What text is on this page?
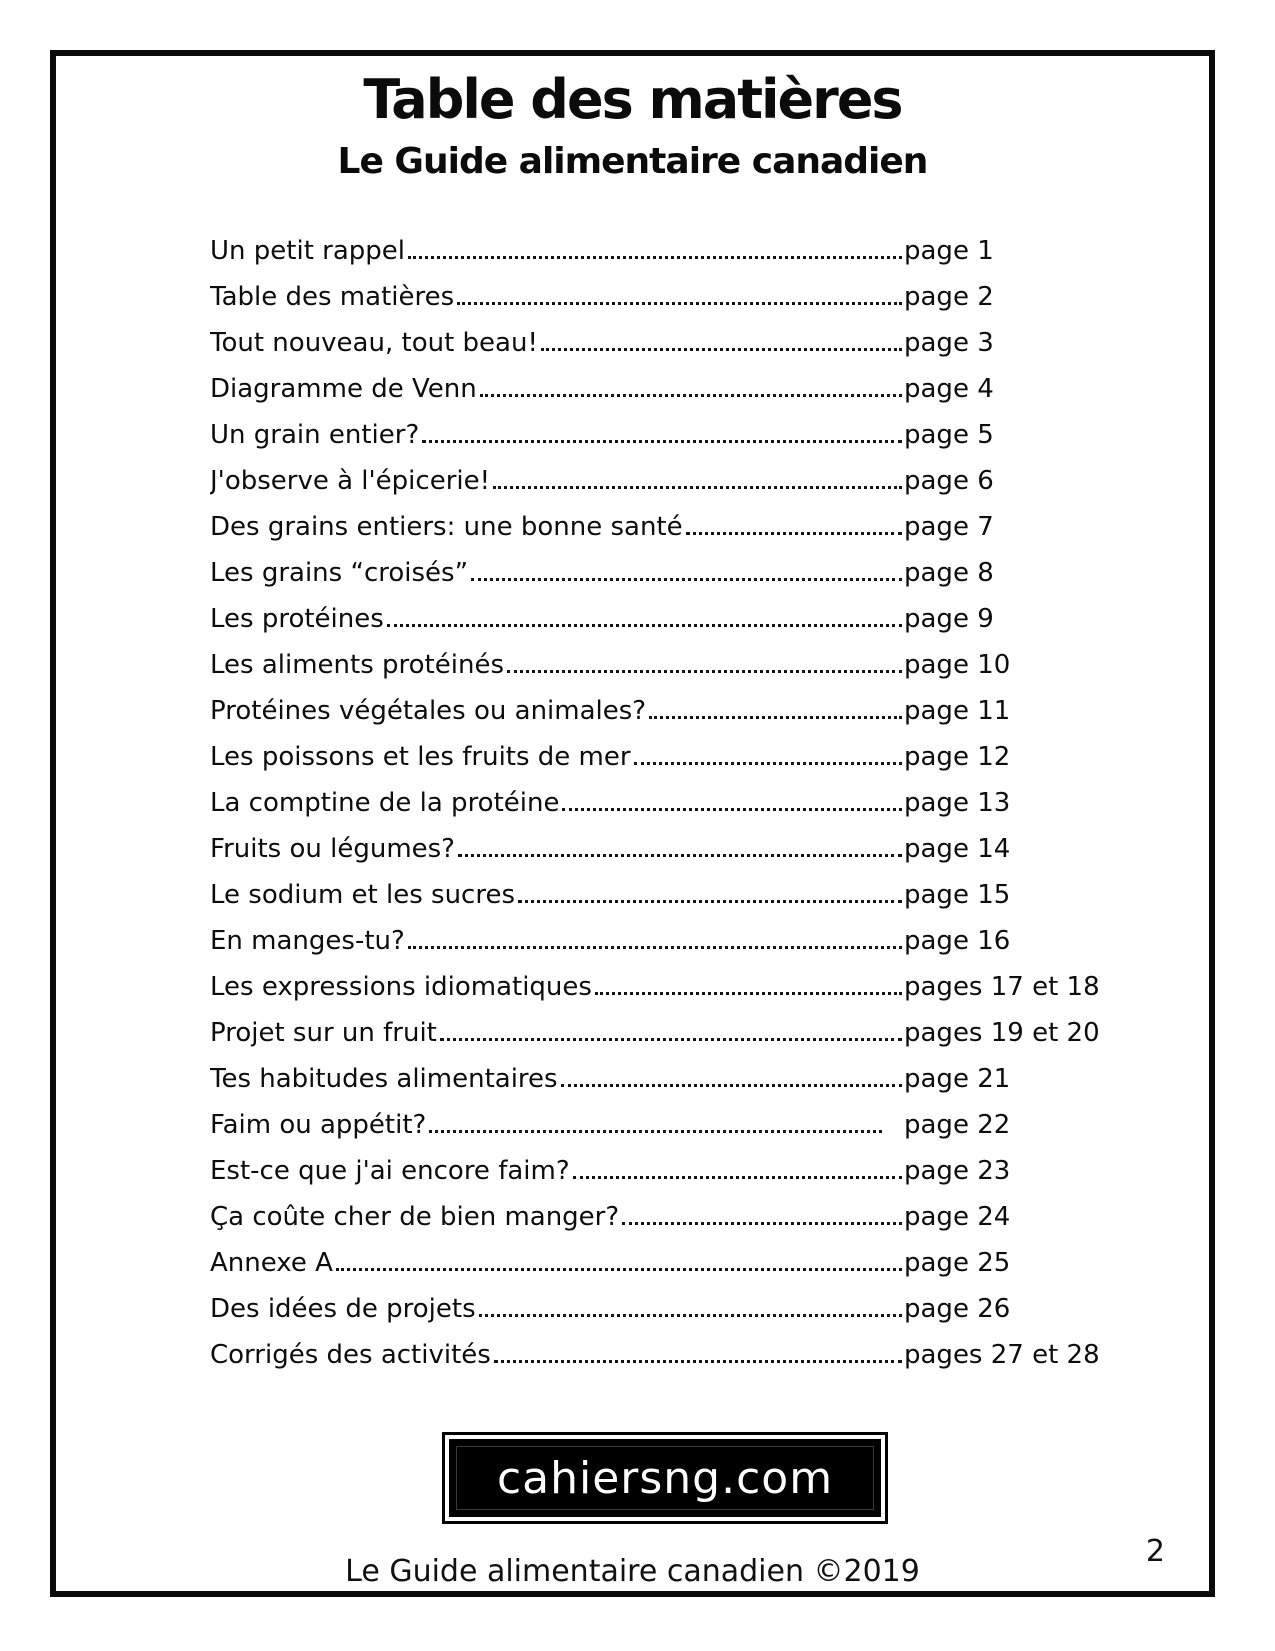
Table des matières
Le Guide alimentaire canadien
Un petit rappel	page 1
Table des matières	page 2
Tout nouveau, tout beau!	page 3
Diagramme de Venn	page 4
Un grain entier?	page 5
J'observe à l'épicerie!	page 6
Des grains entiers: une bonne santé	page 7
Les grains “croisés”	page 8
Les protéines	page 9
Les aliments protéinés	page 10
Protéines végétales ou animales?	page 11
Les poissons et les fruits de mer	page 12
La comptine de la protéine	page 13
Fruits ou légumes?	page 14
Le sodium et les sucres	page 15
En manges-tu?	page 16
Les expressions idiomatiques	pages 17 et 18
Projet sur un fruit	pages 19 et 20
Tes habitudes alimentaires	page 21
Faim ou appétit?	page 22
Est-ce que j'ai encore faim?	page 23
Ça coûte cher de bien manger?	page 24
Annexe A	page 25
Des idées de projets	page 26
Corrigés des activités	pages 27 et 28
cahiersng.com
Le Guide alimentaire canadien ©2019
2
